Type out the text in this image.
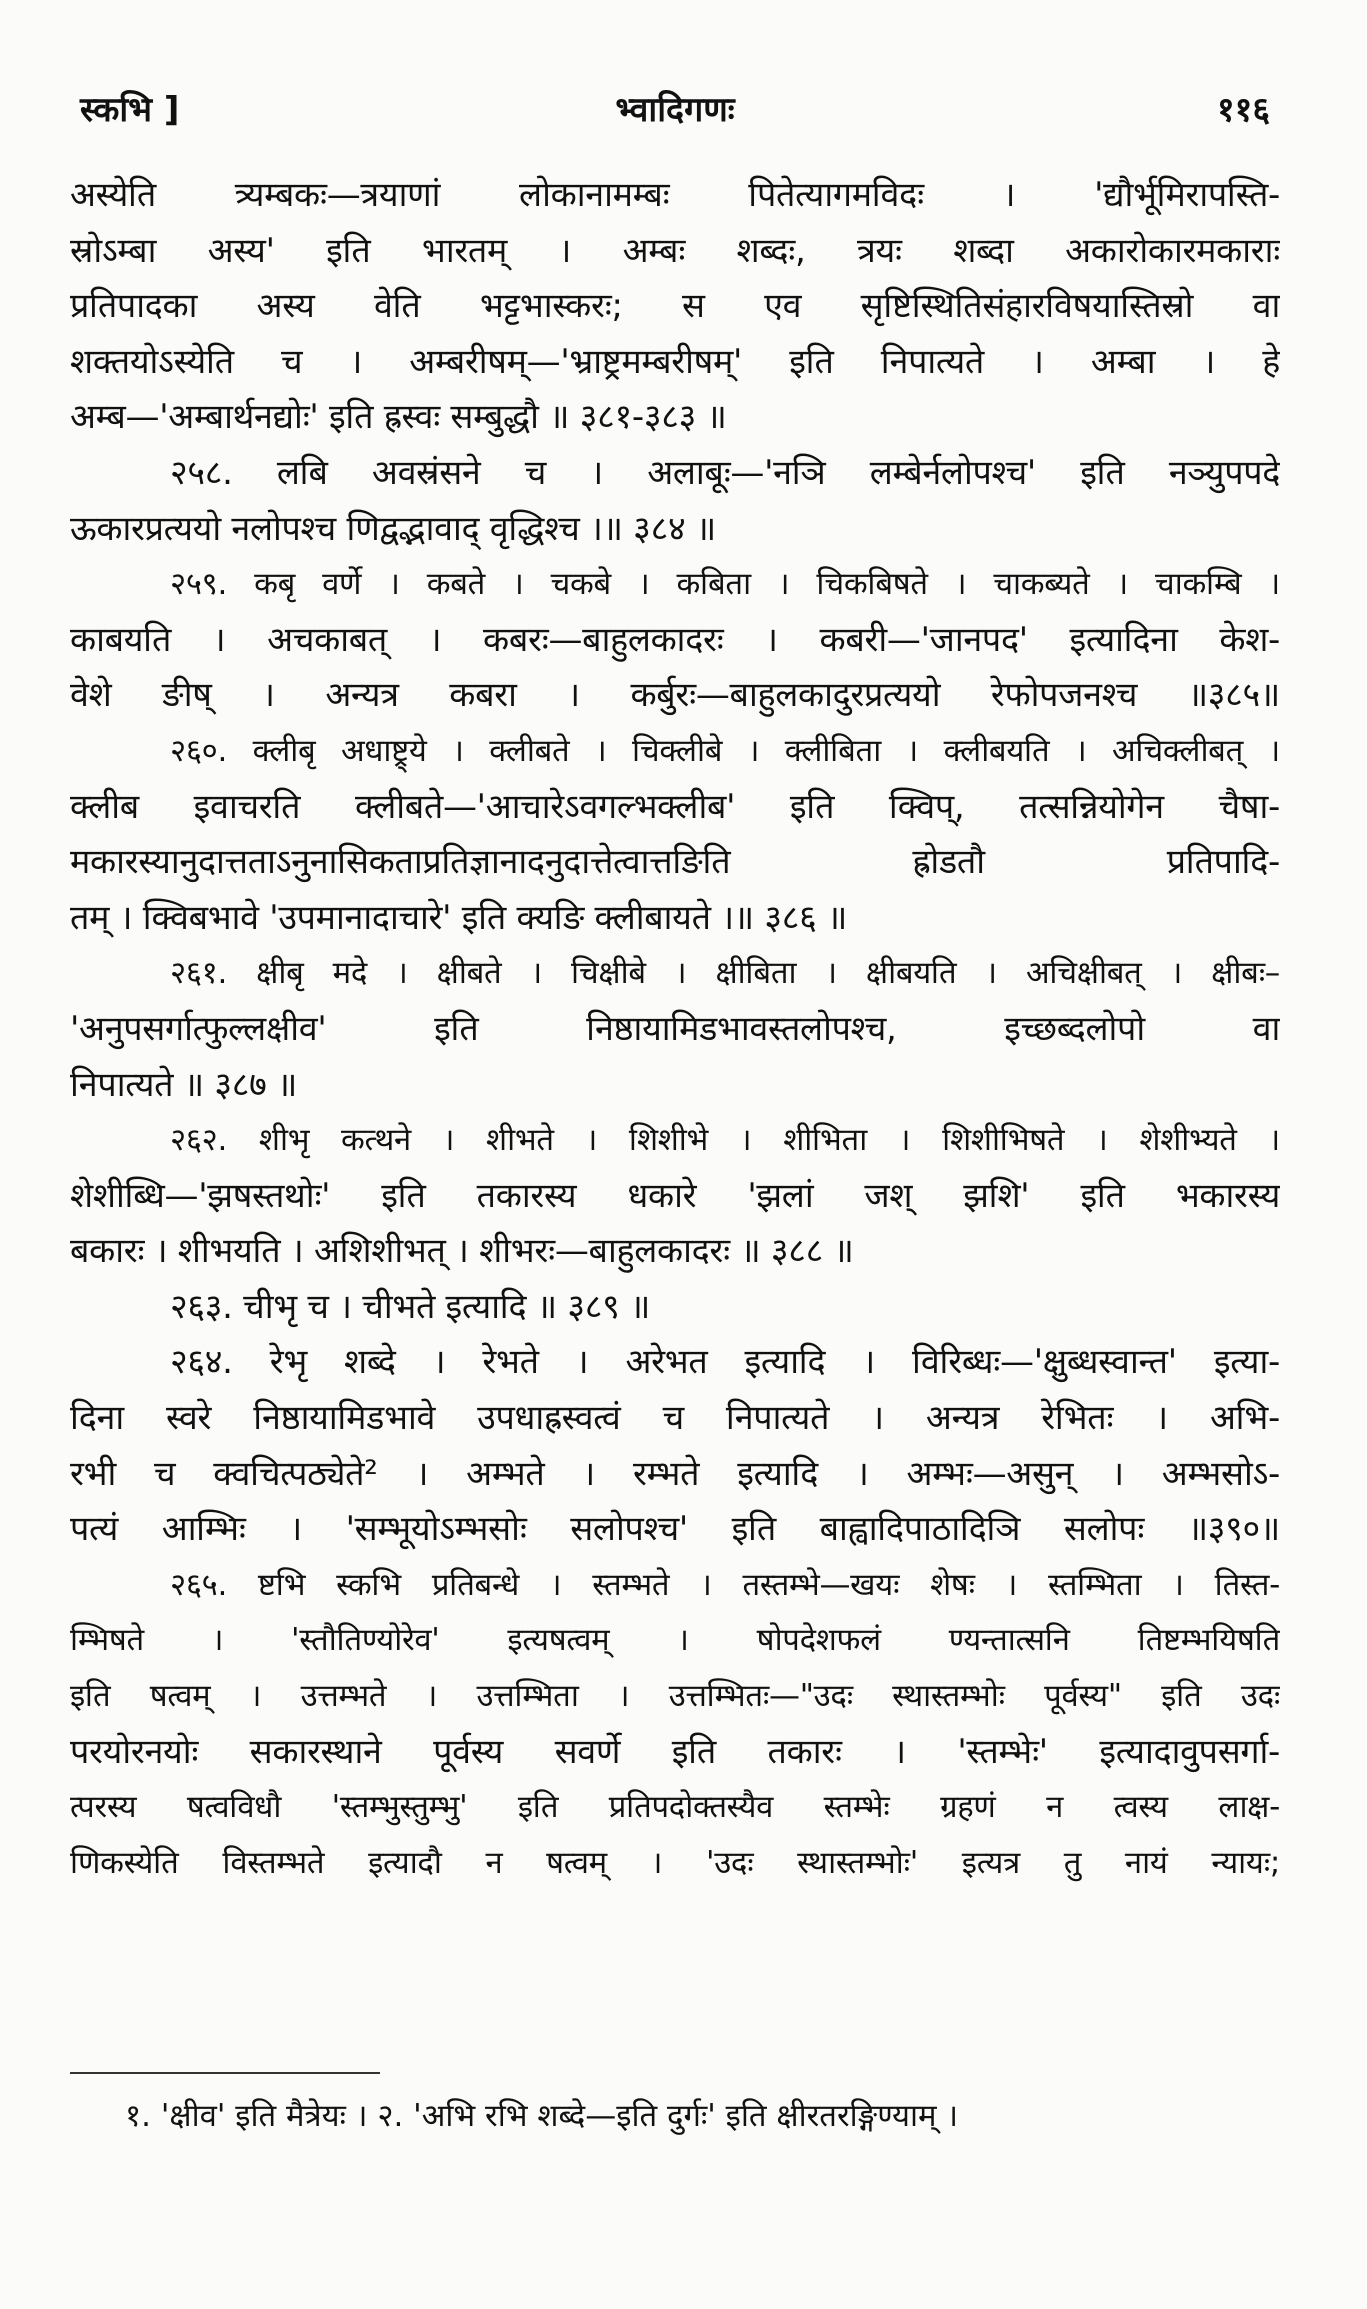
स्कभि ]	भ्वादिगणः	११६
अस्येति त्र्यम्बकः—त्रयाणां लोकानामम्बः पितेत्यागमविदः । 'द्यौर्भूमिरापस्ति-
स्रोऽम्बा अस्य' इति भारतम् । अम्बः शब्दः, त्रयः शब्दा अकारोकारमकाराः
प्रतिपादका अस्य वेति भट्टभास्करः; स एव सृष्टिस्थितिसंहारविषयास्तिस्रो वा
शक्तयोऽस्येति च । अम्बरीषम्—'भ्राष्ट्रमम्बरीषम्' इति निपात्यते । अम्बा । हे
अम्ब—'अम्बार्थनद्योः' इति ह्रस्वः सम्बुद्धौ ॥ ३८१-३८३ ॥
२५८. लबि अवस्रंसने च । अलाबूः—'नञि लम्बेर्नलोपश्च' इति नञ्युपपदे
ऊकारप्रत्ययो नलोपश्च णिद्वद्भावाद् वृद्धिश्च ।॥ ३८४ ॥
२५९. कबृ वर्णे । कबते । चकबे । कबिता । चिकबिषते । चाकब्यते । चाकम्बि ।
काबयति । अचकाबत् । कबरः—बाहुलकादरः । कबरी—'जानपद' इत्यादिना केश-
वेशे ङीष् । अन्यत्र कबरा । कर्बुरः—बाहुलकादुरप्रत्ययो रेफोपजनश्च ॥३८५॥
२६०. क्लीबृ अधाष्ट्र्ये । क्लीबते । चिक्लीबे । क्लीबिता । क्लीबयति । अचिक्लीबत् ।
क्लीब इवाचरति क्लीबते—'आचारेऽवगल्भक्लीब' इति क्विप्, तत्सन्नियोगेन चैषा-
मकारस्यानुदात्तताऽनुनासिकताप्रतिज्ञानादनुदात्तेत्वात्तङिति ह्रोडतौ प्रतिपादि-
तम् । क्विबभावे 'उपमानादाचारे' इति क्यङि क्लीबायते ।॥ ३८६ ॥
२६१. क्षीबृ मदे । क्षीबते । चिक्षीबे । क्षीबिता । क्षीबयति । अचिक्षीबत् । क्षीबः–
'अनुपसर्गात्फुल्लक्षीव' इति निष्ठायामिडभावस्तलोपश्च, इच्छब्दलोपो वा
निपात्यते ॥ ३८७ ॥
२६२. शीभृ कत्थने । शीभते । शिशीभे । शीभिता । शिशीभिषते । शेशीभ्यते ।
शेशीब्धि—'झषस्तथोः' इति तकारस्य धकारे 'झलां जश् झशि' इति भकारस्य
बकारः । शीभयति । अशिशीभत् । शीभरः—बाहुलकादरः ॥ ३८८ ॥
२६३. चीभृ च । चीभते इत्यादि ॥ ३८९ ॥
२६४. रेभृ शब्दे । रेभते । अरेभत इत्यादि । विरिब्धः—'क्षुब्धस्वान्त' इत्या-
दिना स्वरे निष्ठायामिडभावे उपधाह्रस्वत्वं च निपात्यते । अन्यत्र रेभितः । अभि-
रभी च क्वचित्पठ्येते² । अम्भते । रम्भते इत्यादि । अम्भः—असुन् । अम्भसोऽ-
पत्यं आम्भिः । 'सम्भूयोऽम्भसोः सलोपश्च' इति बाह्वादिपाठादिञि सलोपः ॥३९०॥
२६५. ष्टभि स्कभि प्रतिबन्धे । स्तम्भते । तस्तम्भे—खयः शेषः । स्तम्भिता । तिस्त-
म्भिषते । 'स्तौतिण्योरेव' इत्यषत्वम् । षोपदेशफलं ण्यन्तात्सनि तिष्टम्भयिषति
इति षत्वम् । उत्तम्भते । उत्तम्भिता । उत्तम्भितः—"उदः स्थास्तम्भोः पूर्वस्य" इति उदः
परयोरनयोः सकारस्थाने पूर्वस्य सवर्णे इति तकारः । 'स्तम्भेः' इत्यादावुपसर्गा-
त्परस्य षत्वविधौ 'स्तम्भुस्तुम्भु' इति प्रतिपदोक्तस्यैव स्तम्भेः ग्रहणं न त्वस्य लाक्ष-
णिकस्येति विस्तम्भते इत्यादौ न षत्वम् । 'उदः स्थास्तम्भोः' इत्यत्र तु नायं न्यायः;
१. 'क्षीव' इति मैत्रेयः । २. 'अभि रभि शब्दे—इति दुर्गः' इति क्षीरतरङ्गिण्याम् ।
